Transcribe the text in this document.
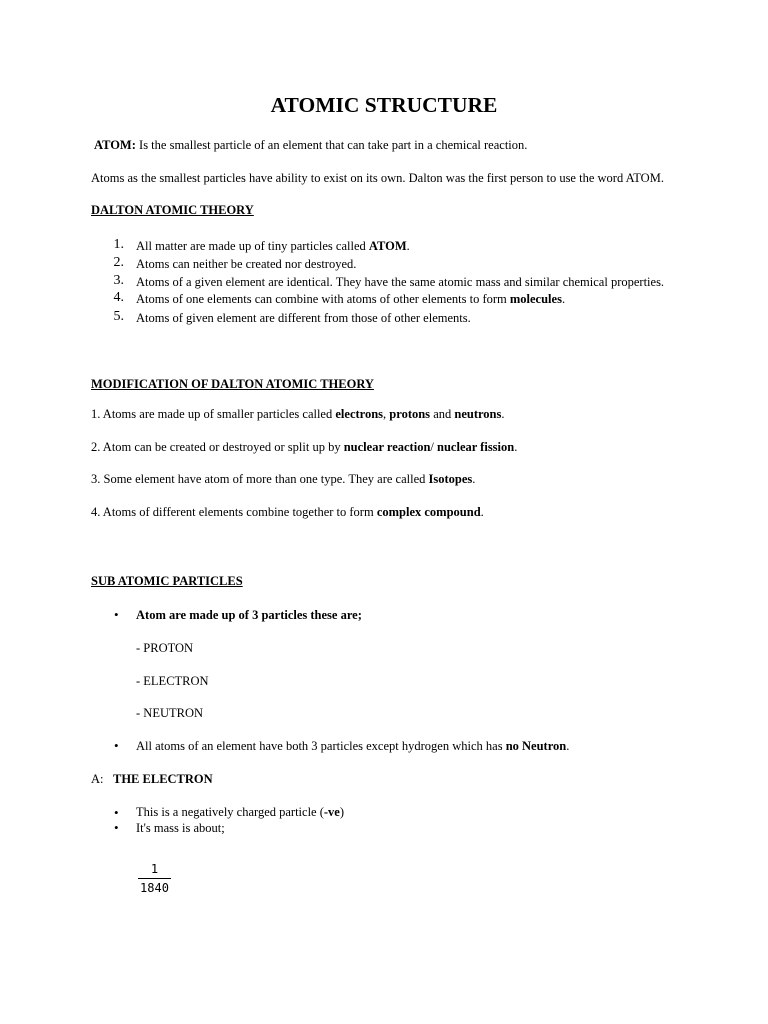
ATOMIC STRUCTURE
ATOM: Is the smallest particle of an element that can take part in a chemical reaction.
Atoms as the smallest particles have ability to exist on its own. Dalton was the first person to use the word ATOM.
DALTON ATOMIC THEORY
1. All matter are made up of tiny particles called ATOM.
2. Atoms can neither be created nor destroyed.
3. Atoms of a given element are identical. They have the same atomic mass and similar chemical properties.
4. Atoms of one elements can combine with atoms of other elements to form molecules.
5. Atoms of given element are different from those of other elements.
MODIFICATION OF DALTON ATOMIC THEORY
1. Atoms are made up of smaller particles called electrons, protons and neutrons.
2. Atom can be created or destroyed or split up by nuclear reaction/ nuclear fission.
3. Some element have atom of more than one type. They are called Isotopes.
4. Atoms of different elements combine together to form complex compound.
SUB ATOMIC PARTICLES
• Atom are made up of 3 particles these are;
- PROTON
- ELECTRON
- NEUTRON
• All atoms of an element have both 3 particles except hydrogen which has no Neutron.
A: THE ELECTRON
• This is a negatively charged particle (-ve)
• It's mass is about;
1
1840
